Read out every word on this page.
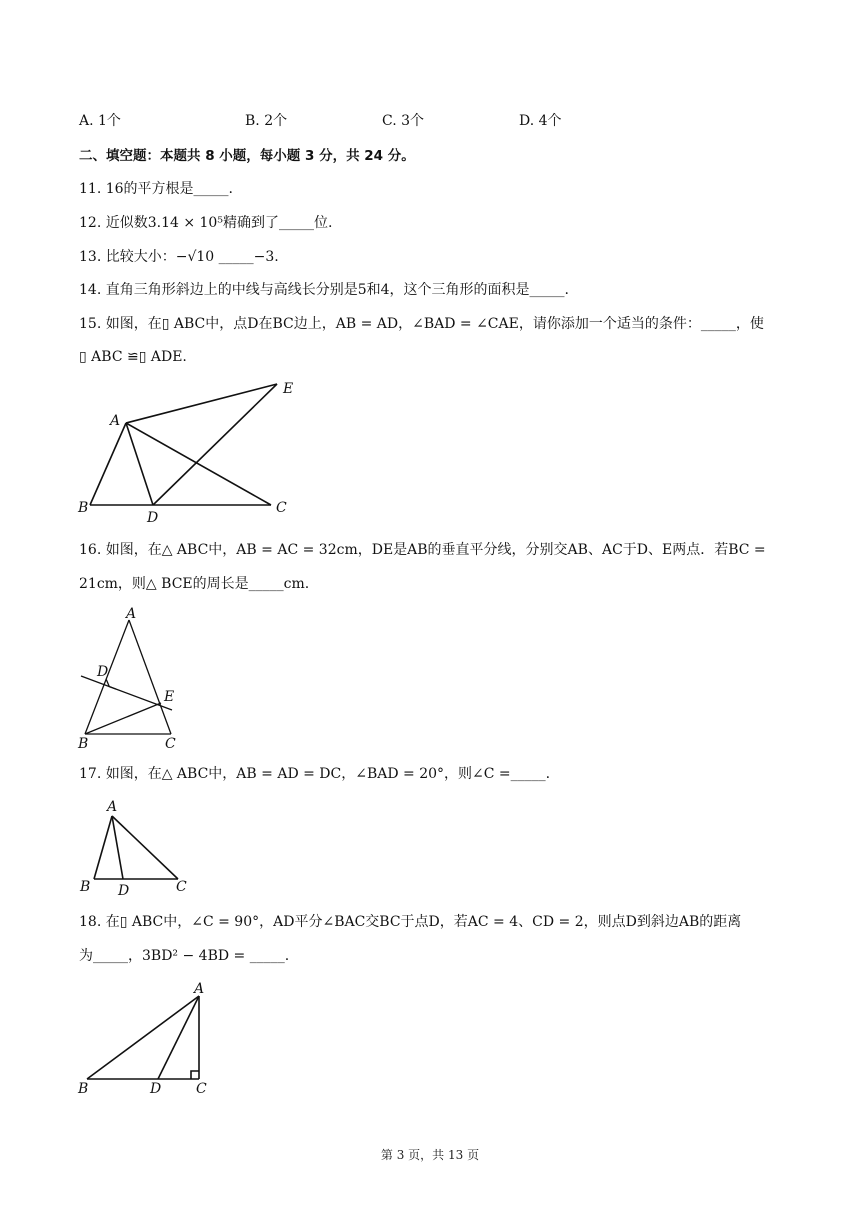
A. 1个	B. 2个	C. 3个	D. 4个
二、填空题：本题共 8 小题，每小题 3 分，共 24 分。
11. 16的平方根是_____.
12. 近似数3.14 × 10⁵精确到了_____位.
13. 比较大小：−√10 _____−3.
14. 直角三角形斜边上的中线与高线长分别是5和4，这个三角形的面积是_____.
15. 如图，在▯ ABC中，点D在BC边上，AB = AD，∠BAD = ∠CAE，请你添加一个适当的条件：_____，使
▯ ABC ≌▯ ADE.
A
B
D
C
E
16. 如图，在△ ABC中，AB = AC = 32cm，DE是AB的垂直平分线，分别交AB、AC于D、E两点．若BC =
21cm，则△ BCE的周长是_____cm.
A
D
E
B	C
17. 如图，在△ ABC中，AB = AD = DC，∠BAD = 20°，则∠C =_____.
A
B D	C
18. 在▯ ABC中，∠C = 90°，AD平分∠BAC交BC于点D，若AC = 4、CD = 2，则点D到斜边AB的距离
为_____，3BD² − 4BD = _____.
A
B	D C
第 3 页，共 13 页
